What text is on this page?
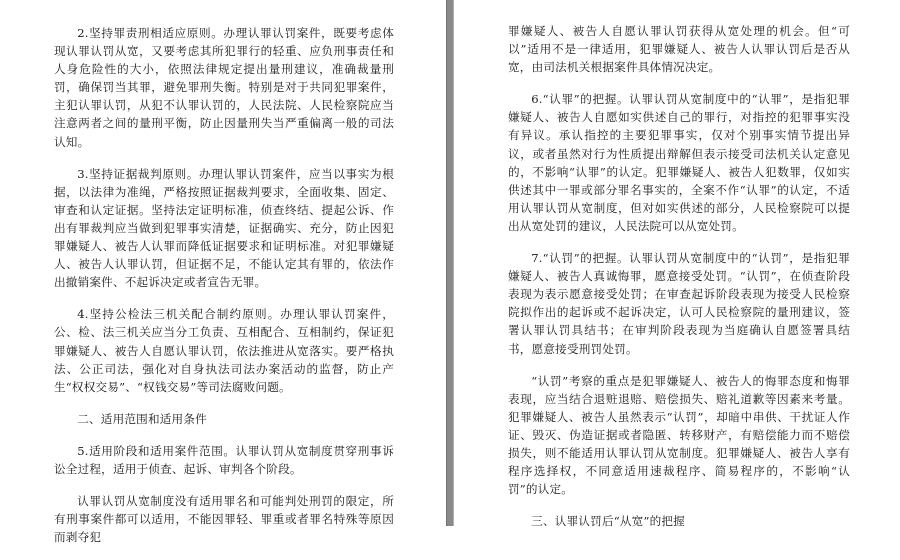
2.坚持罪责刑相适应原则。办理认罪认罚案件，既要考虑体现认罪认罚从宽，又要考虑其所犯罪行的轻重、应负刑事责任和人身危险性的大小，依照法律规定提出量刑建议，准确裁量刑罚，确保罚当其罪，避免罪刑失衡。特别是对于共同犯罪案件，主犯认罪认罚，从犯不认罪认罚的，人民法院、人民检察院应当注意两者之间的量刑平衡，防止因量刑失当严重偏离一般的司法认知。

3.坚持证据裁判原则。办理认罪认罚案件，应当以事实为根据，以法律为准绳，严格按照证据裁判要求，全面收集、固定、审查和认定证据。坚持法定证明标准，侦查终结、提起公诉、作出有罪裁判应当做到犯罪事实清楚，证据确实、充分，防止因犯罪嫌疑人、被告人认罪而降低证据要求和证明标准。对犯罪嫌疑人、被告人认罪认罚，但证据不足，不能认定其有罪的，依法作出撤销案件、不起诉决定或者宣告无罪。

4.坚持公检法三机关配合制约原则。办理认罪认罚案件，公、检、法三机关应当分工负责、互相配合、互相制约，保证犯罪嫌疑人、被告人自愿认罪认罚，依法推进从宽落实。要严格执法、公正司法，强化对自身执法司法办案活动的监督，防止产生“权权交易”、“权钱交易”等司法腐败问题。

二、适用范围和适用条件

5.适用阶段和适用案件范围。认罪认罚从宽制度贯穿刑事诉讼全过程，适用于侦查、起诉、审判各个阶段。

认罪认罚从宽制度没有适用罪名和可能判处刑罚的限定，所有刑事案件都可以适用，不能因罪轻、罪重或者罪名特殊等原因而剥夺犯

罪嫌疑人、被告人自愿认罪认罚获得从宽处理的机会。但“可以”适用不是一律适用，犯罪嫌疑人、被告人认罪认罚后是否从宽，由司法机关根据案件具体情况决定。

6.“认罪”的把握。认罪认罚从宽制度中的“认罪”，是指犯罪嫌疑人、被告人自愿如实供述自己的罪行，对指控的犯罪事实没有异议。承认指控的主要犯罪事实，仅对个别事实情节提出异议，或者虽然对行为性质提出辩解但表示接受司法机关认定意见的，不影响“认罪”的认定。犯罪嫌疑人、被告人犯数罪，仅如实供述其中一罪或部分罪名事实的，全案不作“认罪”的认定，不适用认罪认罚从宽制度，但对如实供述的部分，人民检察院可以提出从宽处罚的建议，人民法院可以从宽处罚。

7.“认罚”的把握。认罪认罚从宽制度中的“认罚”，是指犯罪嫌疑人、被告人真诚悔罪，愿意接受处罚。“认罚”，在侦查阶段表现为表示愿意接受处罚；在审查起诉阶段表现为接受人民检察院拟作出的起诉或不起诉决定，认可人民检察院的量刑建议，签署认罪认罚具结书；在审判阶段表现为当庭确认自愿签署具结书，愿意接受刑罚处罚。

“认罚”考察的重点是犯罪嫌疑人、被告人的悔罪态度和悔罪表现，应当结合退赃退赔、赔偿损失、赔礼道歉等因素来考量。犯罪嫌疑人、被告人虽然表示“认罚”，却暗中串供、干扰证人作证、毁灭、伪造证据或者隐匿、转移财产，有赔偿能力而不赔偿损失，则不能适用认罪认罚从宽制度。犯罪嫌疑人、被告人享有程序选择权，不同意适用速裁程序、简易程序的，不影响“认罚”的认定。

三、认罪认罚后“从宽”的把握
